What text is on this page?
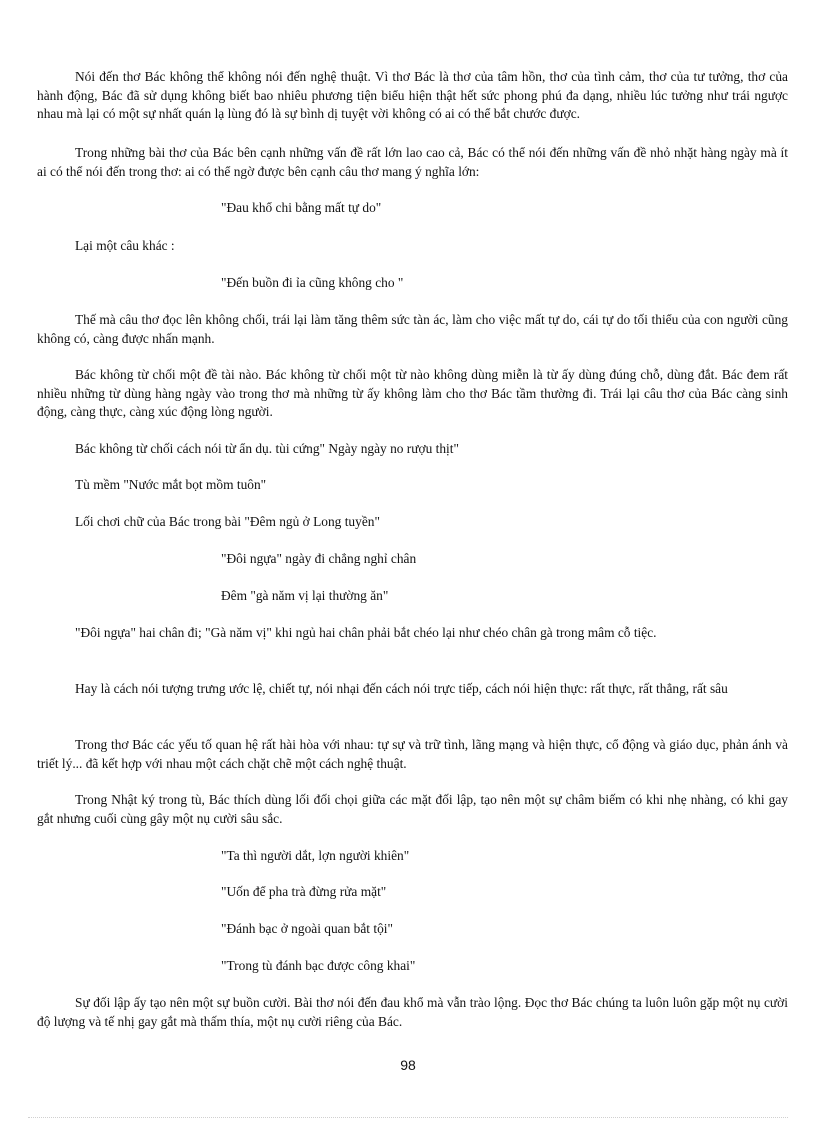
Nói đến thơ Bác không thể không nói đến nghệ thuật. Vì thơ Bác là thơ của tâm hồn, thơ của tình cảm, thơ của tư tưởng, thơ của hành động, Bác đã sử dụng không biết bao nhiêu phương tiện biểu hiện thật hết sức phong phú đa dạng, nhiều lúc tưởng như trái ngược nhau mà lại có một sự nhất quán lạ lùng đó là sự bình dị tuyệt vời không có ai có thể bắt chước được.

Trong những bài thơ của Bác bên cạnh những vấn đề rất lớn lao cao cả, Bác có thể nói đến những vấn đề nhỏ nhặt hàng ngày mà ít ai có thể nói đến trong thơ: ai có thể ngờ được bên cạnh câu thơ mang ý nghĩa lớn:

"Đau khổ chi bằng mất tự do"

Lại một câu khác :

"Đến buồn đi ỉa cũng không cho "

Thế mà câu thơ đọc lên không chối, trái lại làm tăng thêm sức tàn ác, làm cho việc mất tự do, cái tự do tối thiểu của con người cũng không có, càng được nhấn mạnh.

Bác không từ chối một đề tài nào. Bác không từ chối một từ nào không dùng miễn là từ ấy dùng đúng chỗ, dùng đắt. Bác đem rất nhiều những từ dùng hàng ngày vào trong thơ mà những từ ấy không làm cho thơ Bác tầm thường đi. Trái lại câu thơ của Bác càng sinh động, càng thực, càng xúc động lòng người.

Bác không từ chối cách nói từ ẩn dụ. tùi cứng" Ngày ngày no rượu thịt"

Tù mềm "Nước mắt bọt mồm tuôn"

Lối chơi chữ của Bác trong bài "Đêm ngủ ở Long tuyền"

"Đôi ngựa" ngày đi chẳng nghỉ chân

Đêm "gà năm vị lại thường ăn"

"Đôi ngựa" hai chân đi; "Gà năm vị" khi ngủ hai chân phải bắt chéo lại như chéo chân gà trong mâm cỗ tiệc.

Hay là cách nói tượng trưng ước lệ, chiết tự, nói nhại đến cách nói trực tiếp, cách nói hiện thực: rất thực, rất thẳng, rất sâu

Trong thơ Bác các yếu tố quan hệ rất hài hòa với nhau: tự sự và trữ tình, lãng mạng và hiện thực, cổ động và giáo dục, phản ánh và triết lý... đã kết hợp với nhau một cách chặt chẽ một cách nghệ thuật.

Trong Nhật ký trong tù, Bác thích dùng lối đối chọi giữa các mặt đối lập, tạo nên một sự châm biếm có khi nhẹ nhàng, có khi gay gắt nhưng cuối cùng gây một nụ cười sâu sắc.

"Ta thì người dắt, lợn người khiên"

"Uốn để pha trà đừng rửa mặt"

"Đánh bạc ở ngoài quan bắt tội"

"Trong tù đánh bạc được công khai"

Sự đối lập ấy tạo nên một sự buồn cười. Bài thơ nói đến đau khổ mà vẫn trào lộng. Đọc thơ Bác chúng ta luôn luôn gặp một nụ cười độ lượng và tế nhị gay gắt mà thấm thía, một nụ cười riêng của Bác.

98
